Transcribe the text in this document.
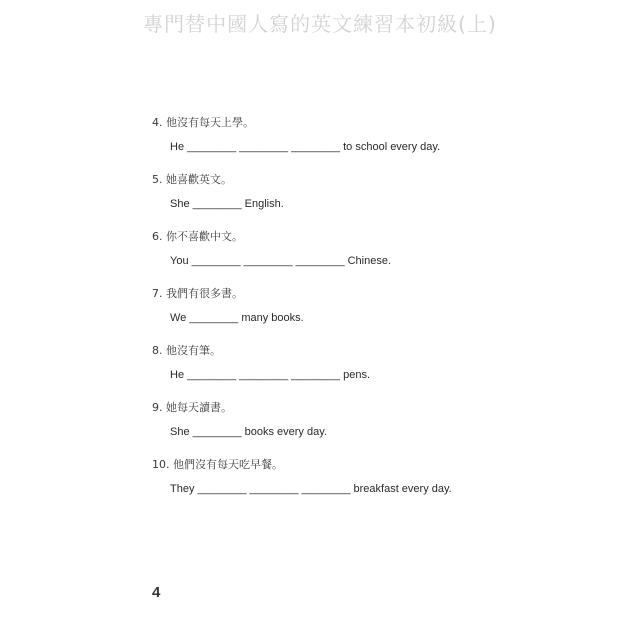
專門替中國人寫的英文練習本初級(上)
4. 他沒有每天上學。
He ________ ________ ________ to school every day.
5. 她喜歡英文。
She ________ English.
6. 你不喜歡中文。
You ________ ________ ________ Chinese.
7. 我們有很多書。
We ________ many books.
8. 他沒有筆。
He ________ ________ ________ pens.
9. 她每天讀書。
She ________ books every day.
10. 他們沒有每天吃早餐。
They ________ ________ ________ breakfast every day.
4
